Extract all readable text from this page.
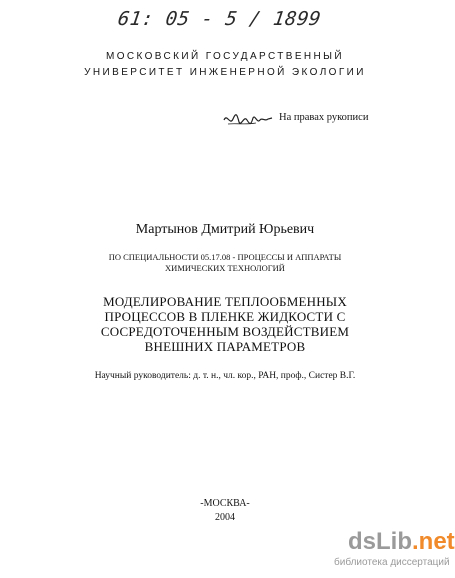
61: 05 - 5 / 1899
МОСКОВСКИЙ ГОСУДАРСТВЕННЫЙ
УНИВЕРСИТЕТ ИНЖЕНЕРНОЙ ЭКОЛОГИИ
На правах рукописи
Мартынов Дмитрий Юрьевич
ПО СПЕЦИАЛЬНОСТИ 05.17.08 - ПРОЦЕССЫ И АППАРАТЫ
ХИМИЧЕСКИХ ТЕХНОЛОГИЙ
МОДЕЛИРОВАНИЕ ТЕПЛООБМЕННЫХ
ПРОЦЕССОВ В ПЛЕНКЕ ЖИДКОСТИ С
СОСРЕДОТОЧЕННЫМ ВОЗДЕЙСТВИЕМ
ВНЕШНИХ ПАРАМЕТРОВ
Научный руководитель: д. т. н., чл. кор., РАН, проф., Систер В.Г.
-МОСКВА-
2004
dsLib.net
библиотека диссертаций
